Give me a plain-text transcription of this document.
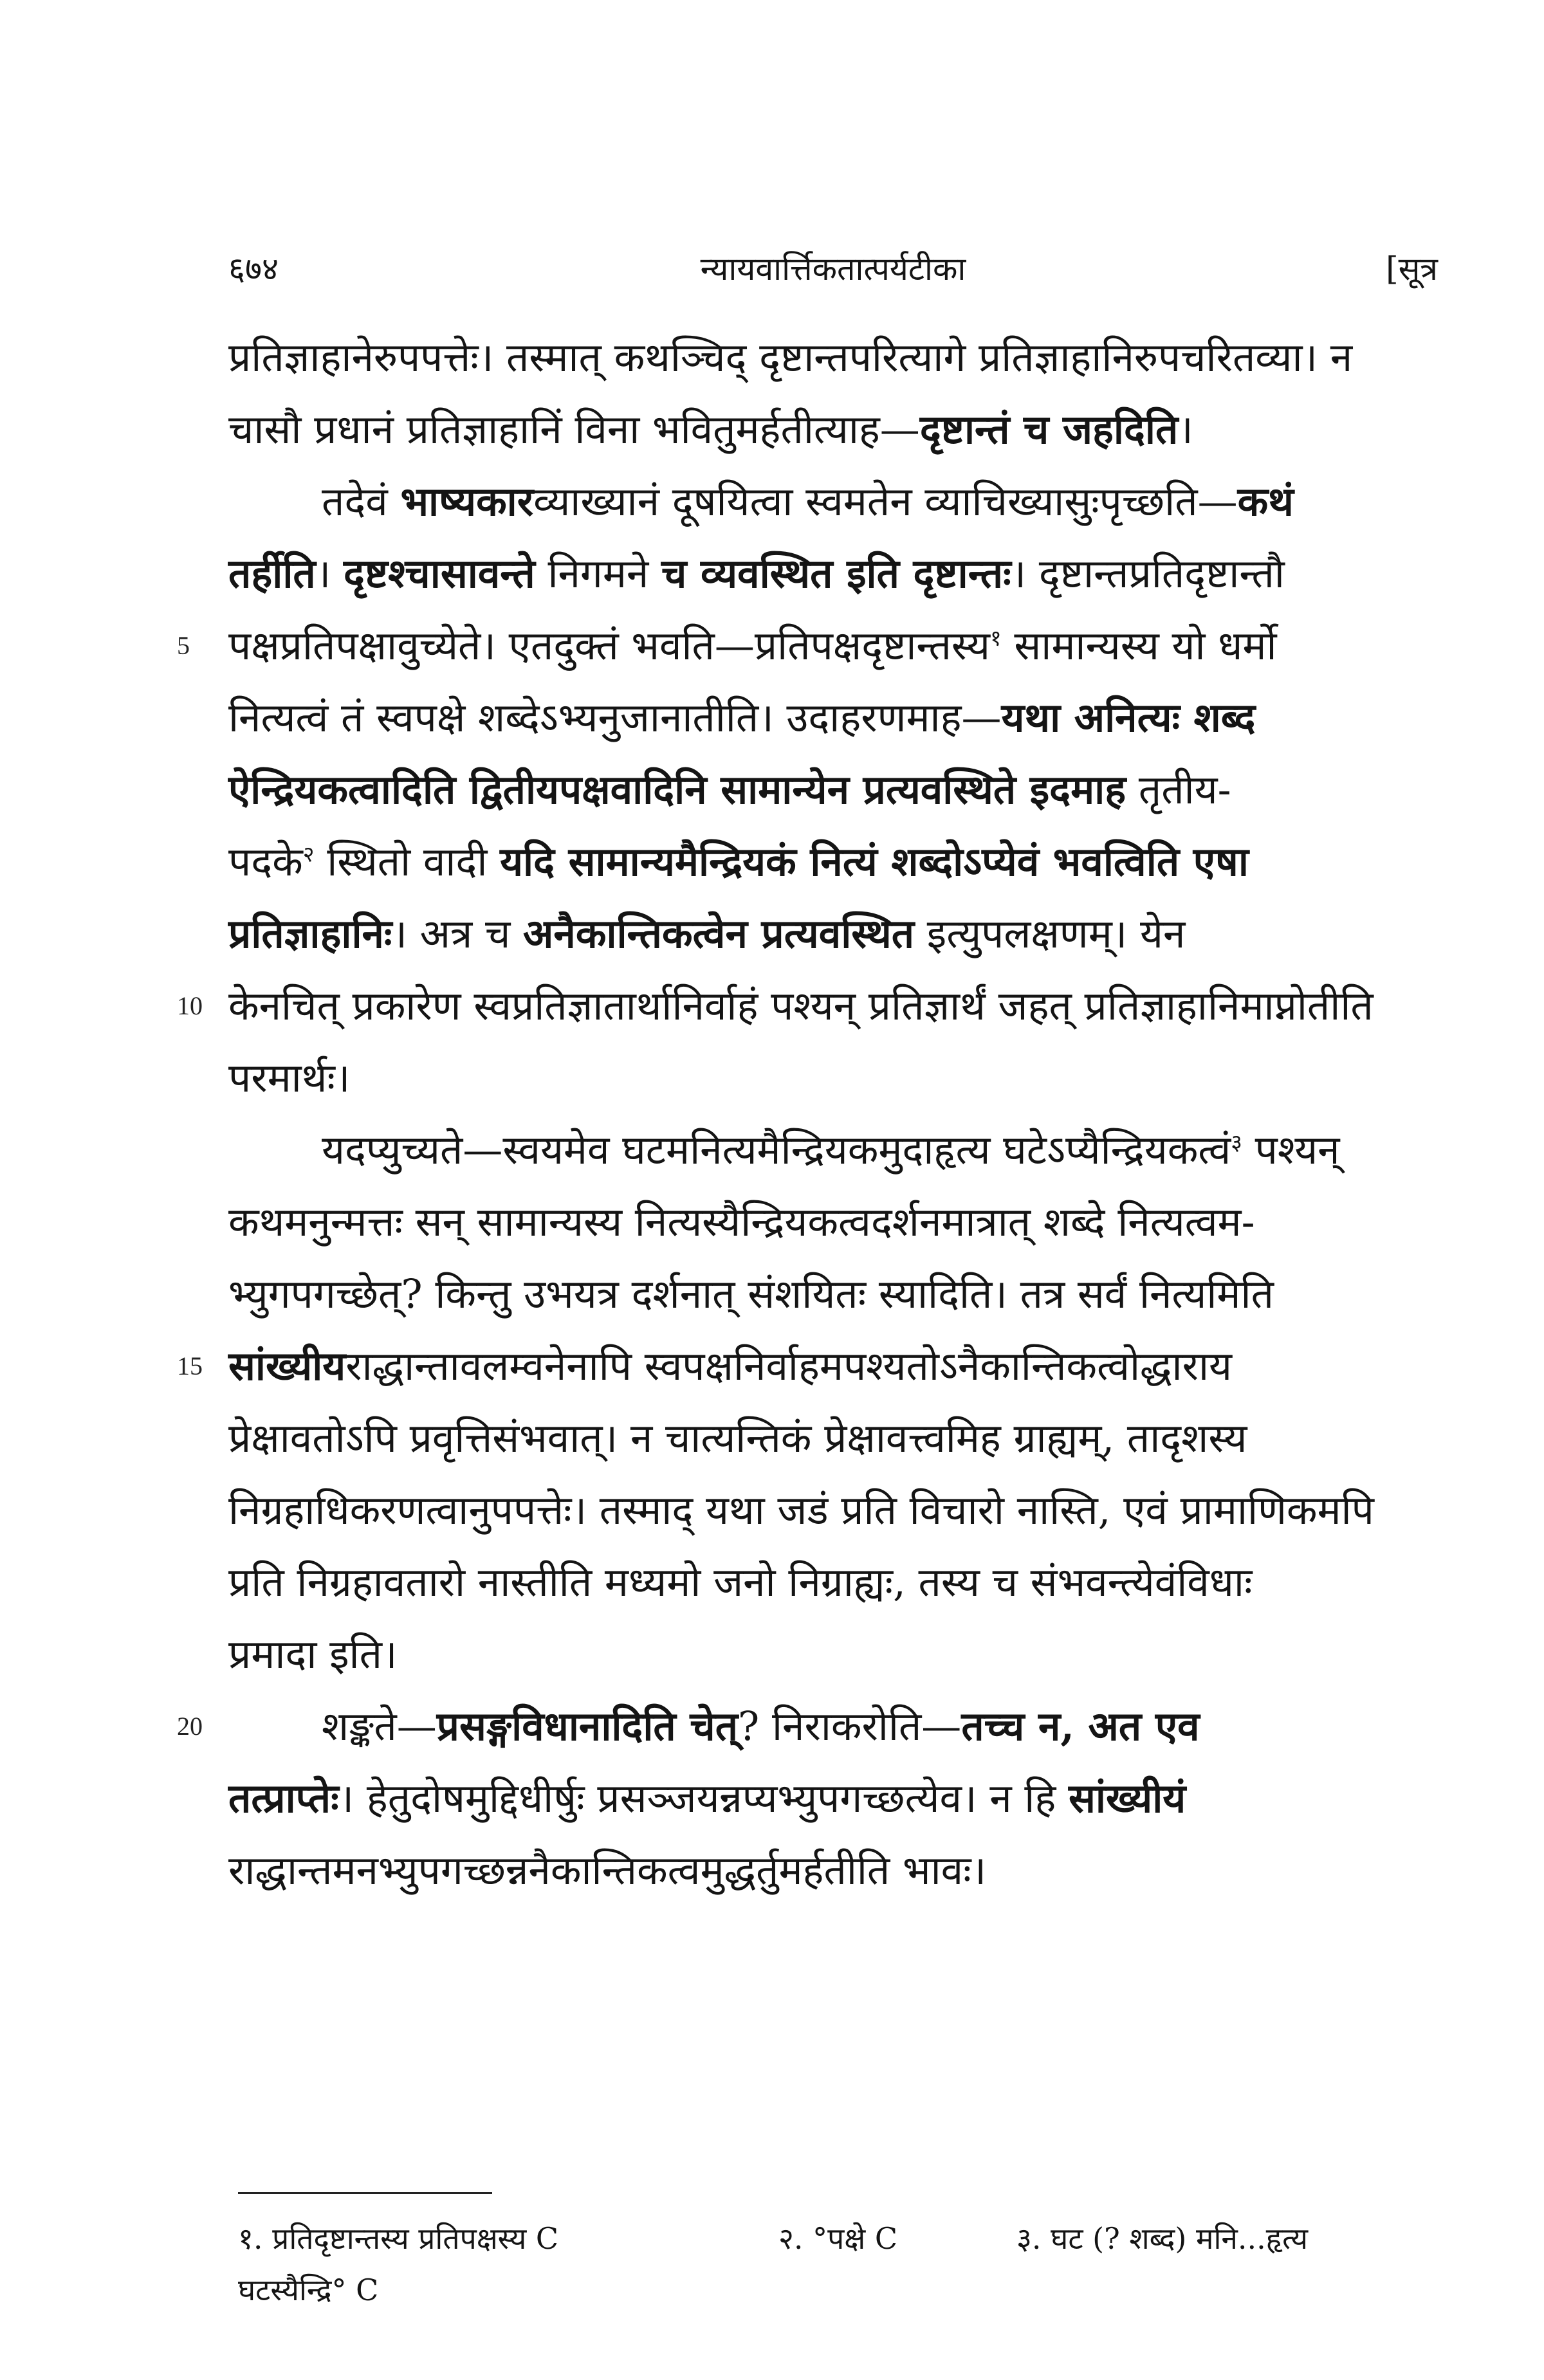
६७४	न्यायवार्त्तिकतात्पर्यटीका	[सूत्र
प्रतिज्ञाहानेरुपपत्तेः। तस्मात् कथञ्चिद् दृष्टान्तपरित्यागे प्रतिज्ञाहानिरुपचरितव्या। न
चासौ प्रधानं प्रतिज्ञाहानिं विना भवितुमर्हतीत्याह—दृष्टान्तं च जहदिति।
तदेवं भाष्यकारव्याख्यानं दूषयित्वा स्वमतेन व्याचिख्यासुःपृच्छति—कथं
तर्हीति। दृष्टश्चासावन्ते निगमने च व्यवस्थित इति दृष्टान्तः। दृष्टान्तप्रतिदृष्टान्तौ
5 पक्षप्रतिपक्षावुच्येते। एतदुक्तं भवति—प्रतिपक्षदृष्टान्तस्य$^१$ सामान्यस्य यो धर्मो
नित्यत्वं तं स्वपक्षे शब्देऽभ्यनुजानातीति। उदाहरणमाह—यथा अनित्यः शब्द
ऐन्द्रियकत्वादिति द्वितीयपक्षवादिनि सामान्येन प्रत्यवस्थिते इदमाह तृतीय-
पदके$^२$ स्थितो वादी यदि सामान्यमैन्द्रियकं नित्यं शब्दोऽप्येवं भवत्विति एषा
प्रतिज्ञाहानिः। अत्र च अनैकान्तिकत्वेन प्रत्यवस्थित इत्युपलक्षणम्। येन
10 केनचित् प्रकारेण स्वप्रतिज्ञातार्थानिर्वाहं पश्यन् प्रतिज्ञार्थं जहत् प्रतिज्ञाहानिमाप्नोतीति
परमार्थः।
यदप्युच्यते—स्वयमेव घटमनित्यमैन्द्रियकमुदाहृत्य घटेऽप्यैन्द्रियकत्वं$^३$ पश्यन्
कथमनुन्मत्तः सन् सामान्यस्य नित्यस्यैन्द्रियकत्वदर्शनमात्रात् शब्दे नित्यत्वम-
भ्युगपगच्छेत्? किन्तु उभयत्र दर्शनात् संशयितः स्यादिति। तत्र सर्वं नित्यमिति
15 सांख्यीयराद्धान्तावलम्वनेनापि स्वपक्षनिर्वाहमपश्यतोऽनैकान्तिकत्वोद्धाराय
प्रेक्षावतोऽपि प्रवृत्तिसंभवात्। न चात्यन्तिकं प्रेक्षावत्त्वमिह ग्राह्यम्, तादृशस्य
निग्रहाधिकरणत्वानुपपत्तेः। तस्माद् यथा जडं प्रति विचारो नास्ति, एवं प्रामाणिकमपि
प्रति निग्रहावतारो नास्तीति मध्यमो जनो निग्राह्यः, तस्य च संभवन्त्येवंविधाः
प्रमादा इति।
20	शङ्कते—प्रसङ्गविधानादिति चेत्? निराकरोति—तच्च न, अत एव
तत्प्राप्तेः। हेतुदोषमुद्दिधीर्षुः प्रसञ्जयन्नप्यभ्युपगच्छत्येव। न हि सांख्यीयं
राद्धान्तमनभ्युपगच्छन्ननैकान्तिकत्वमुद्धर्तुमर्हतीति भावः।
१. प्रतिदृष्टान्तस्य प्रतिपक्षस्य C	२. °पक्षे C	३. घट (? शब्द) मनि...हृत्य
घटस्यैन्द्रि° C
